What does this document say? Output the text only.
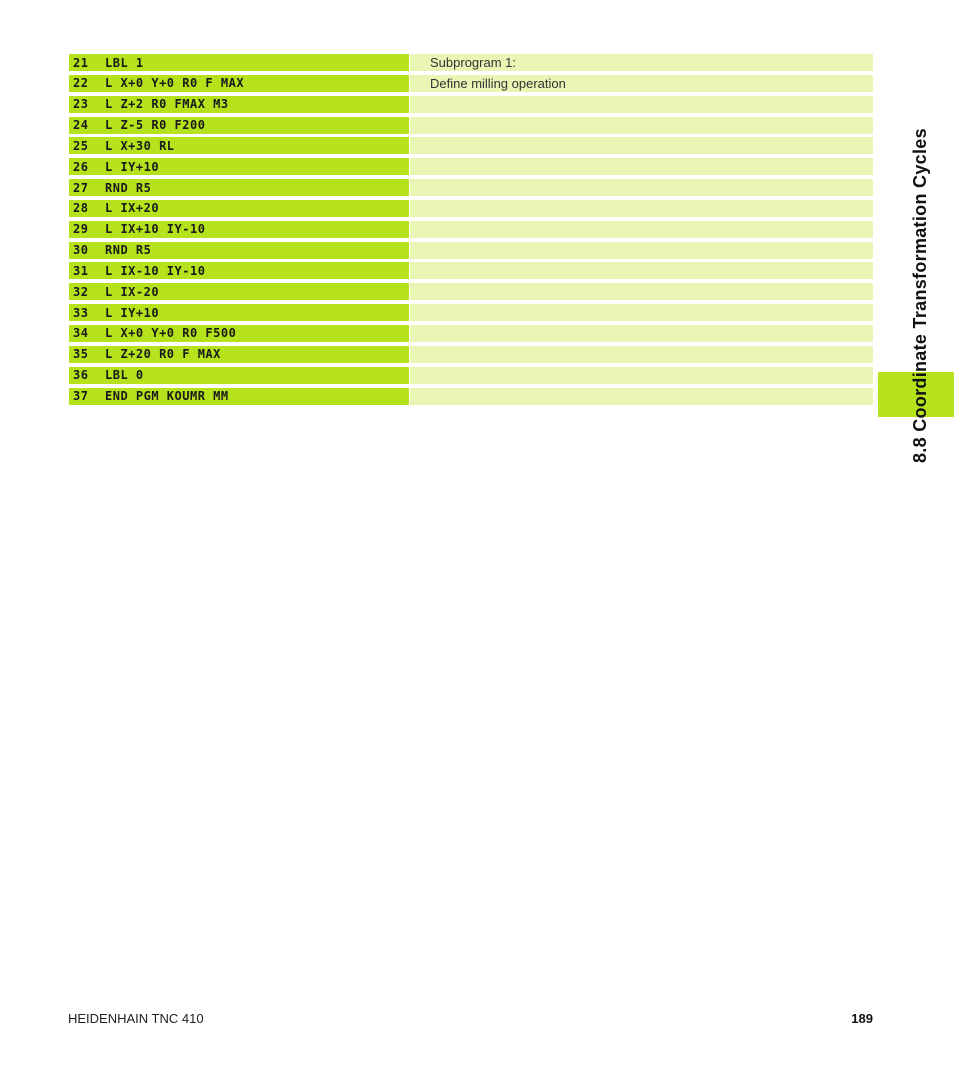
21	LBL 1	Subprogram 1:
22	L X+0 Y+0 R0 F MAX	Define milling operation
23	L Z+2 R0 FMAX M3
24	L Z-5 R0 F200
25	L X+30 RL
26	L IY+10
27	RND R5
28	L IX+20
29	L IX+10 IY-10
30	RND R5
31	L IX-10 IY-10
32	L IX-20
33	L IY+10
34	L X+0 Y+0 R0 F500
35	L Z+20 R0 F MAX
36	LBL 0
37	END PGM KOUMR MM	8.8 Coordinate Transformation Cycles
HEIDENHAIN TNC 410	189
